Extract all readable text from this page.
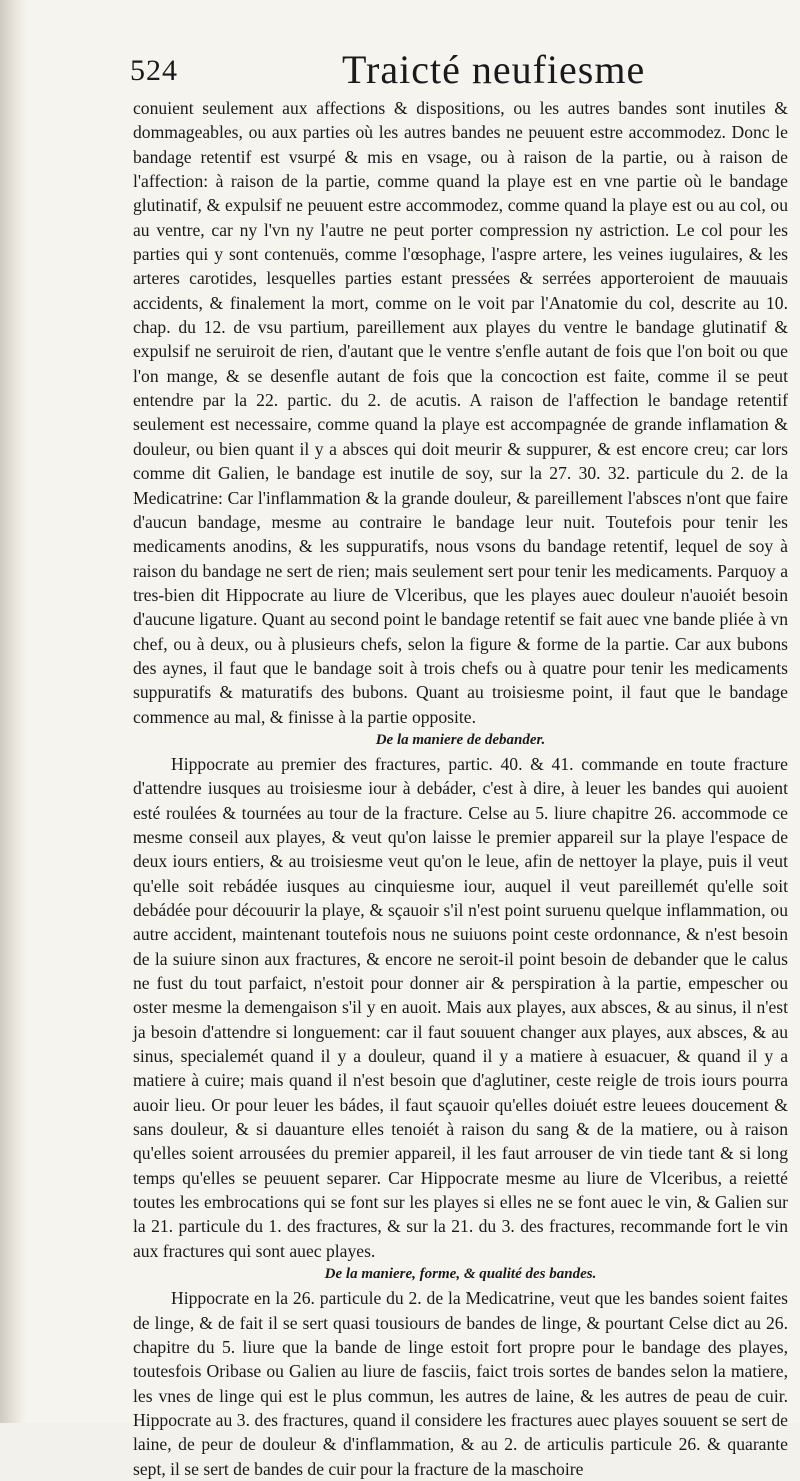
524	Traicté neufiesme

conuient seulement aux affections & dispositions, ou les autres bandes sont inutiles & dommageables, ou aux parties où les autres bandes ne peuuent estre accommodez. Donc le bandage retentif est vsurpé & mis en vsage, ou à raison de la partie, ou à raison de l'affection: à raison de la partie, comme quand la playe est en vne partie où le bandage glutinatif, & expulsif ne peuuent estre accommodez, comme quand la playe est ou au col, ou au ventre, car ny l'vn ny l'autre ne peut porter compression ny astriction. Le col pour les parties qui y sont contenuës, comme l'œsophage, l'aspre artere, les veines iugulaires, & les arteres carotides, lesquelles parties estant pressées & serrées apporteroient de mauuais accidents, & finalement la mort, comme on le voit par l'Anatomie du col, descrite au 10. chap. du 12. de vsu partium, pareillement aux playes du ventre le bandage glutinatif & expulsif ne seruiroit de rien, d'autant que le ventre s'enfle autant de fois que l'on boit ou que l'on mange, & se desenfle autant de fois que la concoction est faite, comme il se peut entendre par la 22. partic. du 2. de acutis. A raison de l'affection le bandage retentif seulement est necessaire, comme quand la playe est accompagnée de grande inflamation & douleur, ou bien quant il y a absces qui doit meurir & suppurer, & est encore creu; car lors comme dit Galien, le bandage est inutile de soy, sur la 27. 30. 32. particule du 2. de la Medicatrine: Car l'inflammation & la grande douleur, & pareillement l'absces n'ont que faire d'aucun bandage, mesme au contraire le bandage leur nuit. Toutefois pour tenir les medicaments anodins, & les suppuratifs, nous vsons du bandage retentif, lequel de soy à raison du bandage ne sert de rien; mais seulement sert pour tenir les medicaments. Parquoy a tres-bien dit Hippocrate au liure de Vlceribus, que les playes auec douleur n'auoiét besoin d'aucune ligature. Quant au second point le bandage retentif se fait auec vne bande pliée à vn chef, ou à deux, ou à plusieurs chefs, selon la figure & forme de la partie. Car aux bubons des aynes, il faut que le bandage soit à trois chefs ou à quatre pour tenir les medicaments suppuratifs & maturatifs des bubons. Quant au troisiesme point, il faut que le bandage commence au mal, & finisse à la partie opposite.

De la maniere de debander.

Hippocrate au premier des fractures, partic. 40. & 41. commande en toute fracture d'attendre iusques au troisiesme iour à debáder, c'est à dire, à leuer les bandes qui auoient esté roulées & tournées au tour de la fracture. Celse au 5. liure chapitre 26. accommode ce mesme conseil aux playes, & veut qu'on laisse le premier appareil sur la playe l'espace de deux iours entiers, & au troisiesme veut qu'on le leue, afin de nettoyer la playe, puis il veut qu'elle soit rebádée iusques au cinquiesme iour, auquel il veut pareillemét qu'elle soit debádée pour découurir la playe, & sçauoir s'il n'est point suruenu quelque inflammation, ou autre accident, maintenant toutefois nous ne suiuons point ceste ordonnance, & n'est besoin de la suiure sinon aux fractures, & encore ne seroit-il point besoin de debander que le calus ne fust du tout parfaict, n'estoit pour donner air & perspiration à la partie, empescher ou oster mesme la demengaison s'il y en auoit. Mais aux playes, aux absces, & au sinus, il n'est ja besoin d'attendre si longuement: car il faut souuent changer aux playes, aux absces, & au sinus, specialemét quand il y a douleur, quand il y a matiere à esuacuer, & quand il y a matiere à cuire; mais quand il n'est besoin que d'aglutiner, ceste reigle de trois iours pourra auoir lieu. Or pour leuer les bádes, il faut sçauoir qu'elles doiuét estre leuees doucement & sans douleur, & si dauanture elles tenoiét à raison du sang & de la matiere, ou à raison qu'elles soient arrousées du premier appareil, il les faut arrouser de vin tiede tant & si long temps qu'elles se peuuent separer. Car Hippocrate mesme au liure de Vlceribus, a reietté toutes les embrocations qui se font sur les playes si elles ne se font auec le vin, & Galien sur la 21. particule du 1. des fractures, & sur la 21. du 3. des fractures, recommande fort le vin aux fractures qui sont auec playes.

De la maniere, forme, & qualité des bandes.

Hippocrate en la 26. particule du 2. de la Medicatrine, veut que les bandes soient faites de linge, & de fait il se sert quasi tousiours de bandes de linge, & pourtant Celse dict au 26. chapitre du 5. liure que la bande de linge estoit fort propre pour le bandage des playes, toutesfois Oribase ou Galien au liure de fasciis, faict trois sortes de bandes selon la matiere, les vnes de linge qui est le plus commun, les autres de laine, & les autres de peau de cuir. Hippocrate au 3. des fractures, quand il considere les fractures auec playes souuent se sert de laine, de peur de douleur & d'inflammation, & au 2. de articulis particule 26. & quarante sept, il se sert de bandes de cuir pour la fracture de la maschoire
